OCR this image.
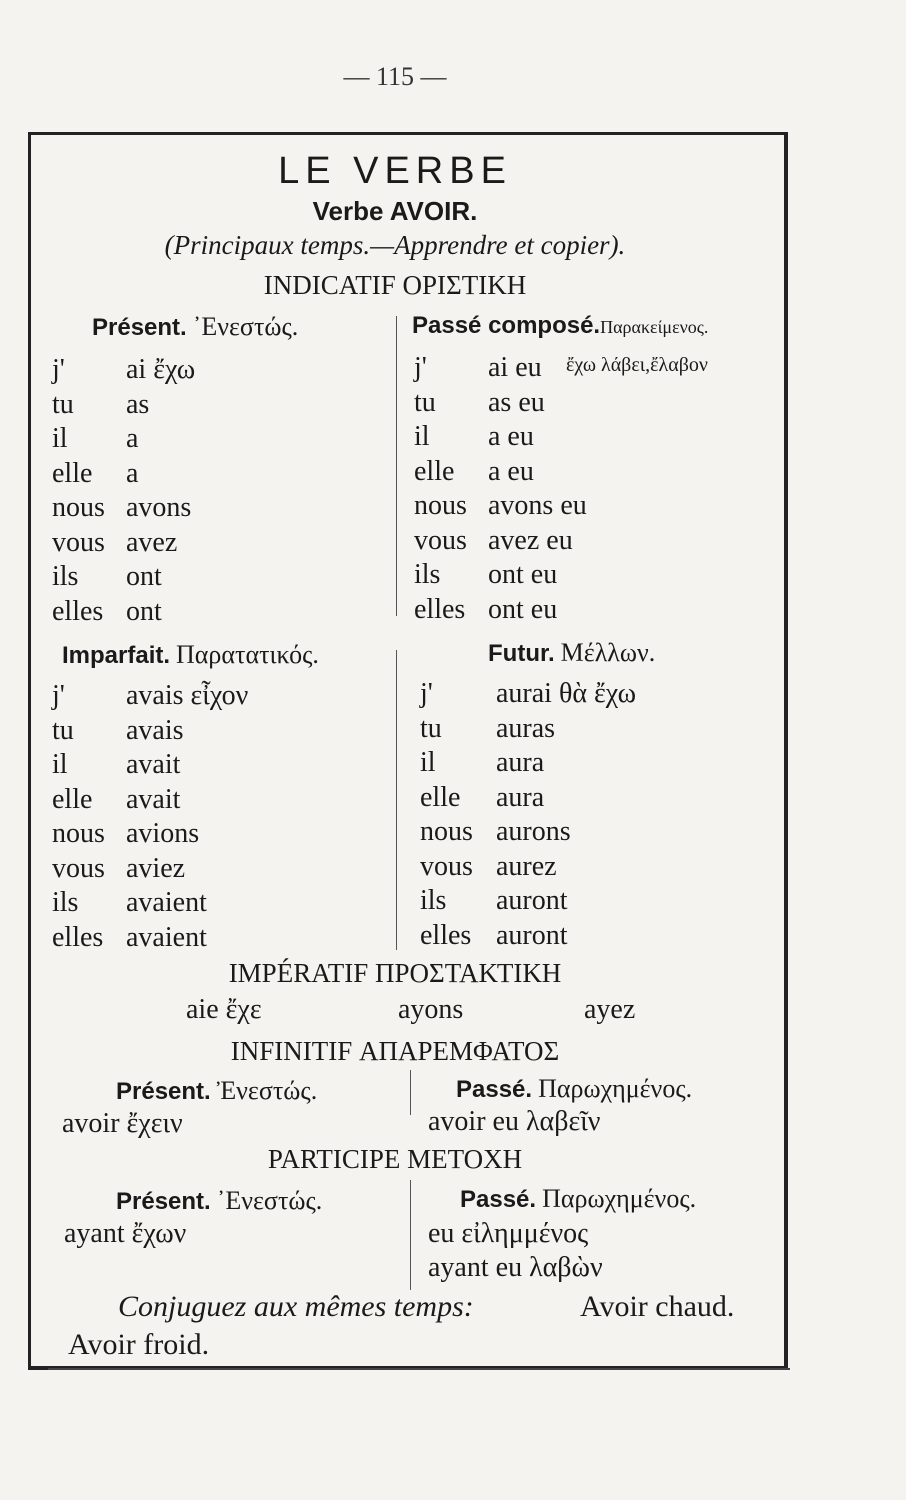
— 115 —
LE VERBE
Verbe AVOIR.
(Principaux temps.—Apprendre et copier).
INDICATIF ΟΡΙΣΤΙΚΗ
Présent. ᾿Ενεστώς.
j' ai ἔχω
tu as
il a
elle a
nous avons
vous avez
ils ont
elles ont
Passé composé.Παρακείμενος.
j' ai eu ἔχω λάβει,ἔλαβον
tu as eu
il a eu
elle a eu
nous avons eu
vous avez eu
ils ont eu
elles ont eu
Imparfait. Παρατατικός.
j' avais εἶχον
tu avais
il avait
elle avait
nous avions
vous aviez
ils avaient
elles avaient
Futur. Μέλλων.
j' aurai θὰ ἔχω
tu auras
il aura
elle aura
nous aurons
vous aurez
ils auront
elles auront
IMPÉRATIF ΠΡΟΣΤΑΚΤΙΚΗ
aie ἔχε	ayons	ayez
INFINITIF ΑΠΑΡΕΜΦΑΤΟΣ
Présent. Ἐνεστώς.
avoir ἔχειν
Passé. Παρωχημένος.
avoir eu λαβεῖν
PARTICIPE ΜΕΤΟΧΗ
Présent. ᾿Ενεστώς.
ayant ἔχων
Passé. Παρωχημένος.
eu εἰλημμένος
ayant eu λαβὼν
Conjuguez aux mêmes temps:	Avoir chaud.
Avoir froid.
